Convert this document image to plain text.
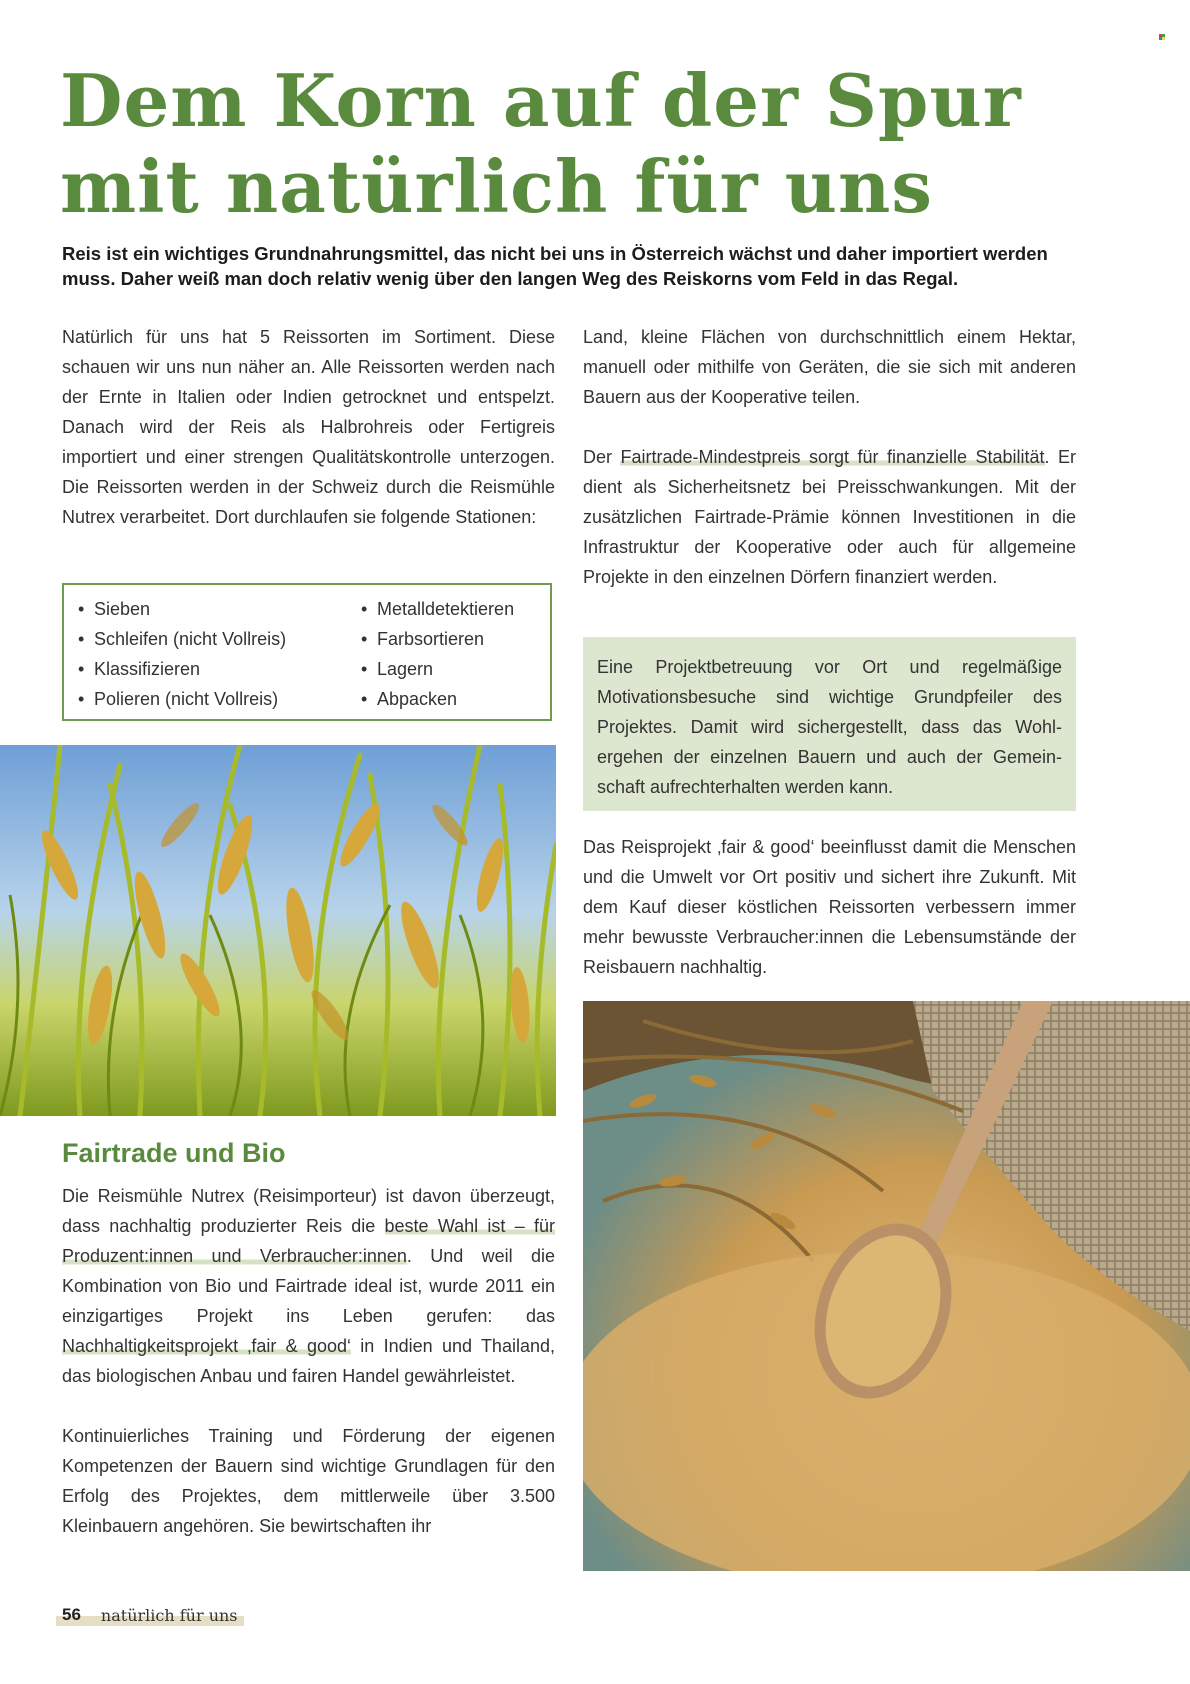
Dem Korn auf der Spur mit natürlich für uns
Reis ist ein wichtiges Grundnahrungsmittel, das nicht bei uns in Österreich wächst und daher importiert werden muss. Daher weiß man doch relativ wenig über den langen Weg des Reiskorns vom Feld in das Regal.

Natürlich für uns hat 5 Reissorten im Sortiment. Diese schauen wir uns nun näher an. Alle Reissorten werden nach der Ernte in Italien oder Indien getrocknet und entspelzt. Danach wird der Reis als Halbrohreis oder Fertigreis importiert und einer strengen Qualitätskontrolle unterzogen. Die Reissorten werden in der Schweiz durch die Reismühle Nutrex verarbeitet. Dort durchlaufen sie folgende Stationen:

• Sieben
• Schleifen (nicht Vollreis)
• Klassifizieren
• Polieren (nicht Vollreis)
• Metalldetektieren
• Farbsortieren
• Lagern
• Abpacken
Fairtrade und Bio

Die Reismühle Nutrex (Reisimporteur) ist davon überzeugt, dass nachhaltig produzierter Reis die beste Wahl ist – für Produzent:innen und Verbraucher:innen. Und weil die Kombination von Bio und Fairtrade ideal ist, wurde 2011 ein einzigartiges Projekt ins Leben gerufen: das Nachhaltigkeitsprojekt ‚fair & good‘ in Indien und Thailand, das biologischen Anbau und fairen Handel gewährleistet.

Kontinuierliches Training und Förderung der eigenen Kompetenzen der Bauern sind wichtige Grundlagen für den Erfolg des Projektes, dem mittlerweile über 3.500 Kleinbauern angehören. Sie bewirtschaften ihr

Land, kleine Flächen von durchschnittlich einem Hektar, manuell oder mithilfe von Geräten, die sie sich mit anderen Bauern aus der Kooperative teilen.

Der Fairtrade-Mindestpreis sorgt für finanzielle Stabilität. Er dient als Sicherheitsnetz bei Preisschwankungen. Mit der zusätzlichen Fairtrade-Prämie können Investitionen in die Infrastruktur der Kooperative oder auch für allgemeine Projekte in den einzelnen Dörfern finanziert werden.

Eine Projektbetreuung vor Ort und regelmäßige Motivationsbesuche sind wichtige Grundpfeiler des Projektes. Damit wird sichergestellt, dass das Wohlergehen der einzelnen Bauern und auch der Gemeinschaft aufrechterhalten werden kann.

Das Reisprojekt ‚fair & good‘ beeinflusst damit die Menschen und die Umwelt vor Ort positiv und sichert ihre Zukunft. Mit dem Kauf dieser köstlichen Reissorten verbessern immer mehr bewusste Verbraucher:innen die Lebensumstände der Reisbauern nachhaltig.

56 natürlich für uns
